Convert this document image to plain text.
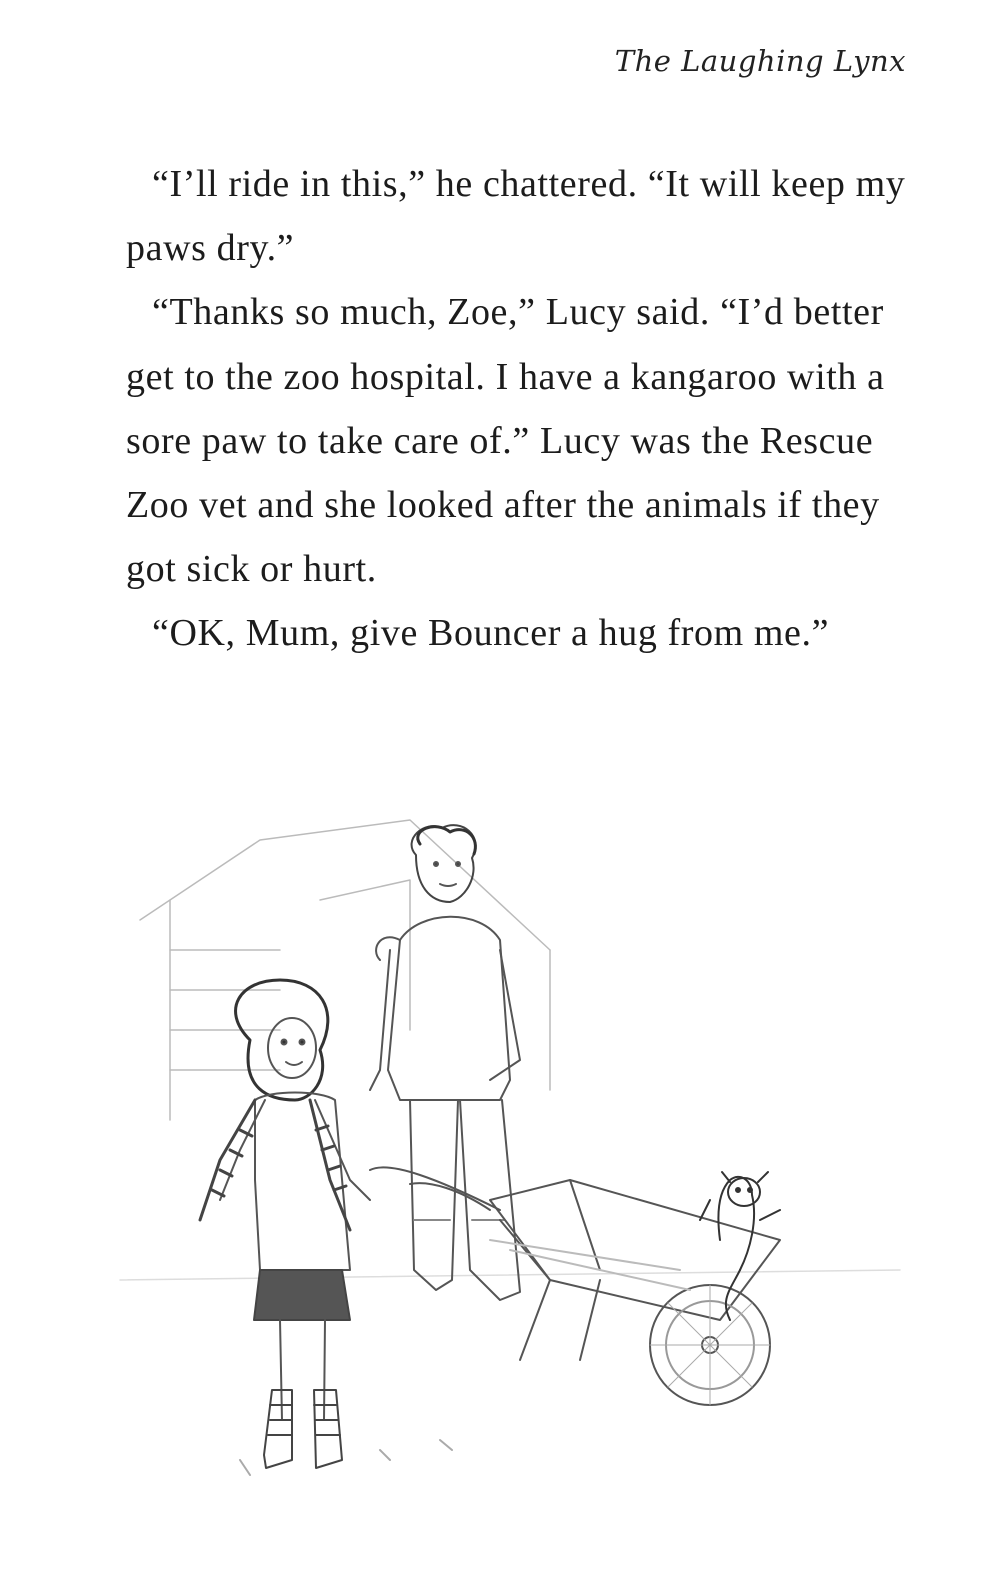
The Laughing Lynx

“I’ll ride in this,” he chattered. “It will keep my paws dry.”

“Thanks so much, Zoe,” Lucy said. “I’d better get to the zoo hospital. I have a kangaroo with a sore paw to take care of.” Lucy was the Rescue Zoo vet and she looked after the animals if they got sick or hurt.

“OK, Mum, give Bouncer a hug from me.”
